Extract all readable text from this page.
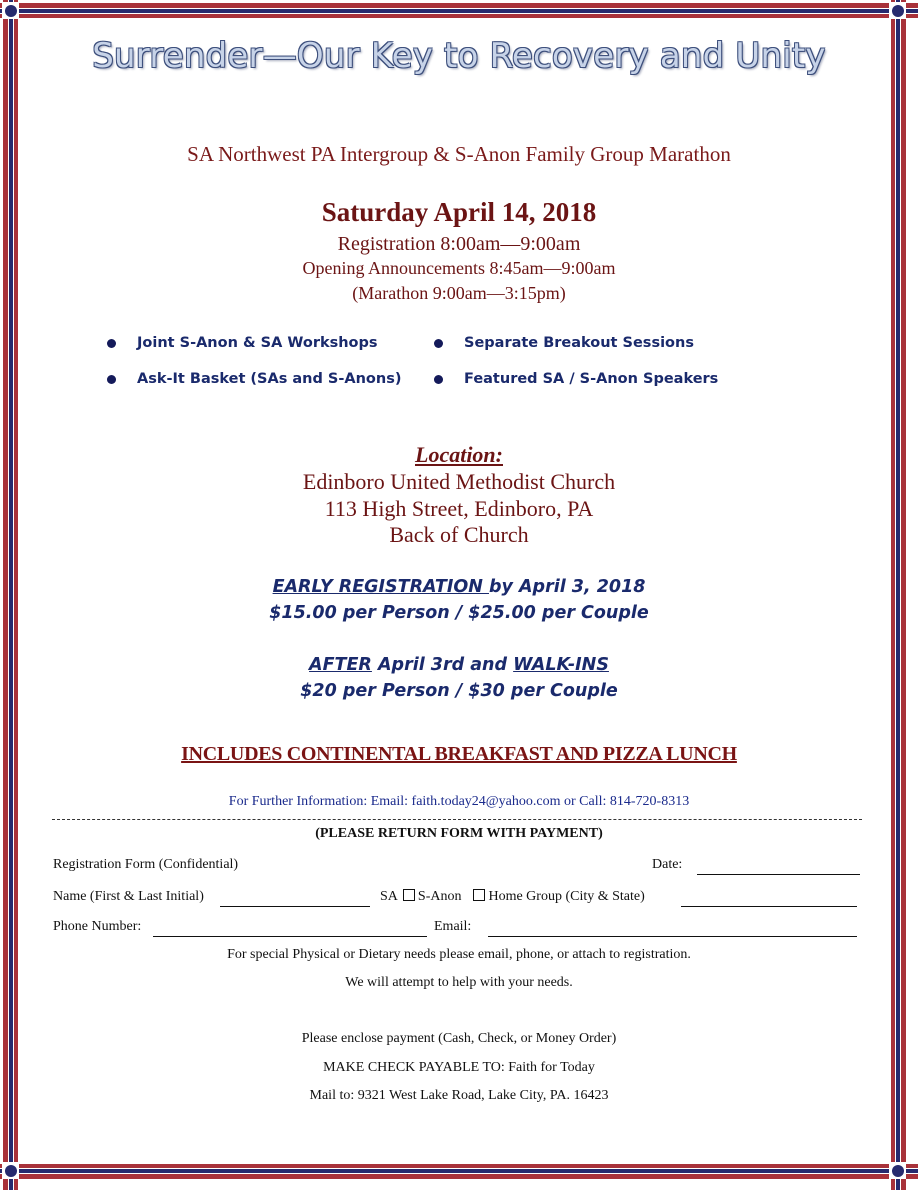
Surrender—Our Key to Recovery and Unity
SA Northwest PA Intergroup & S-Anon Family Group Marathon
Saturday April 14, 2018
Registration 8:00am—9:00am
Opening Announcements 8:45am—9:00am
(Marathon 9:00am—3:15pm)
Joint S-Anon & SA Workshops	Separate Breakout Sessions
Ask-It Basket (SAs and S-Anons)	Featured SA / S-Anon Speakers
Location:
Edinboro United Methodist Church
113 High Street, Edinboro, PA
Back of Church
EARLY REGISTRATION by April 3, 2018
$15.00 per Person / $25.00 per Couple
AFTER April 3rd and WALK-INS
$20 per Person / $30 per Couple
INCLUDES CONTINENTAL BREAKFAST AND PIZZA LUNCH
For Further Information: Email: faith.today24@yahoo.com or Call: 814-720-8313
(PLEASE RETURN FORM WITH PAYMENT)
Registration Form (Confidential)	Date:
Name (First & Last Initial)	SA S-Anon Home Group (City & State)
Phone Number:	Email:
For special Physical or Dietary needs please email, phone, or attach to registration.
We will attempt to help with your needs.
Please enclose payment (Cash, Check, or Money Order)
MAKE CHECK PAYABLE TO: Faith for Today
Mail to: 9321 West Lake Road, Lake City, PA. 16423
